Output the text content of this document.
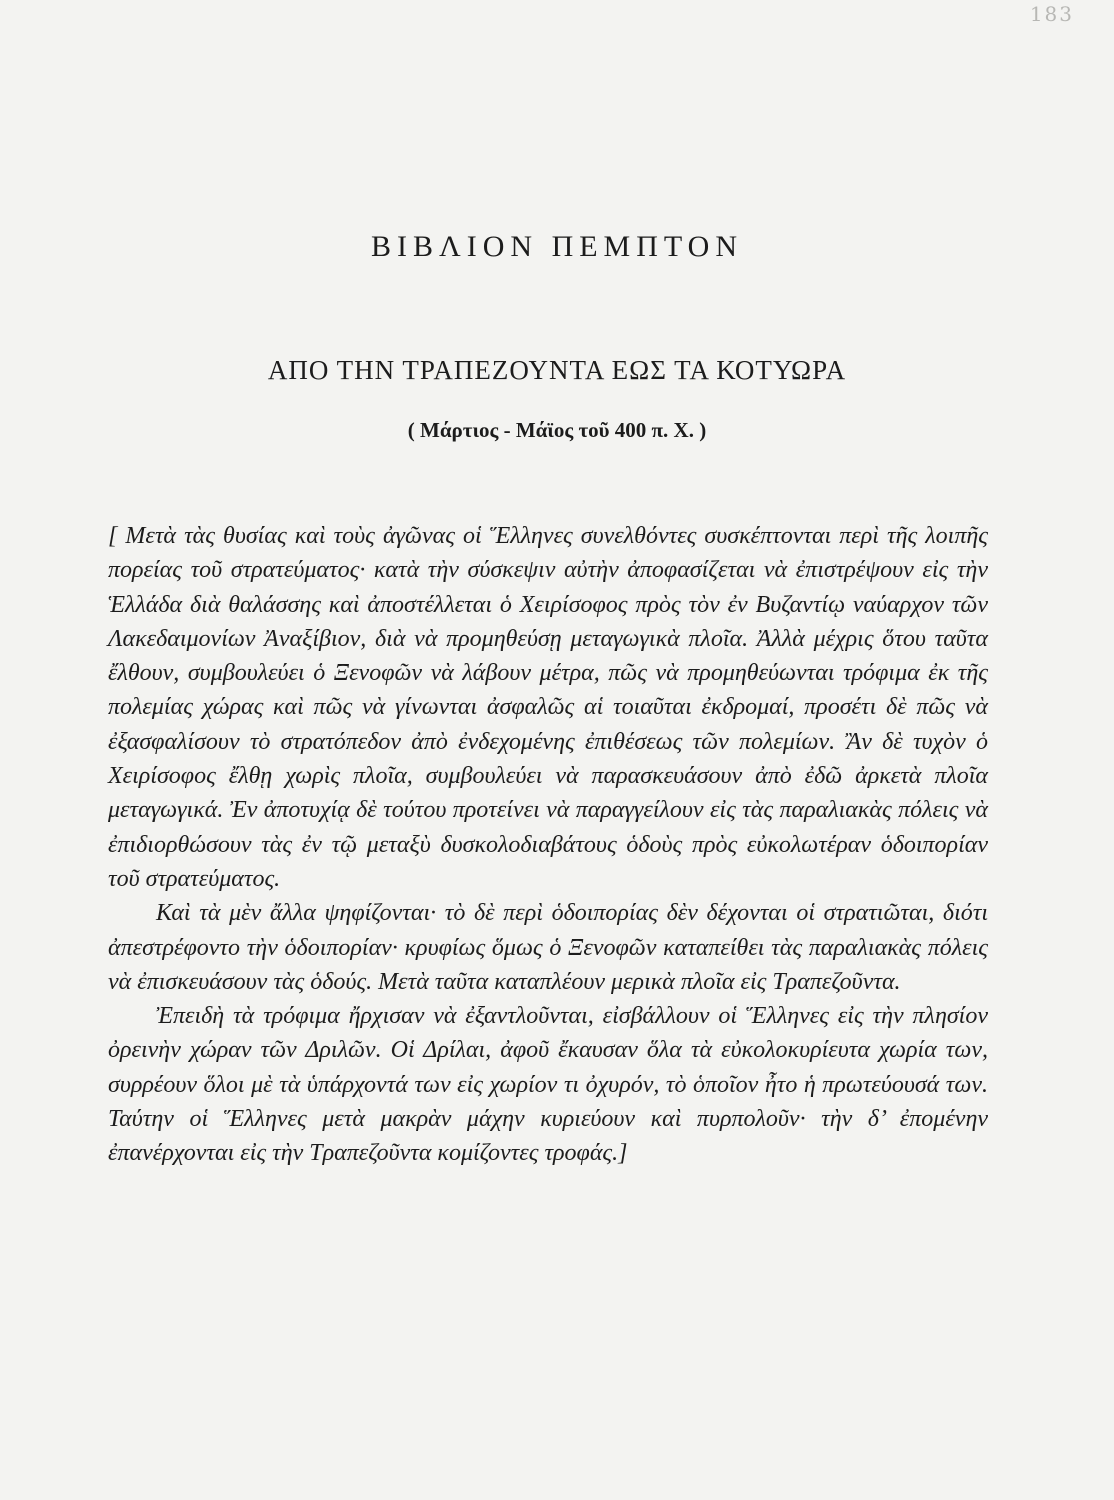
183
ΒΙΒΛΙΟΝ ΠΕΜΠΤΟΝ
ΑΠΟ ΤΗΝ ΤΡΑΠΕΖΟΥΝΤΑ ΕΩΣ ΤΑ ΚΟΤΥΩΡΑ
( Μάρτιος - Μάϊος τοῦ 400 π. Χ. )

[ Μετὰ τὰς θυσίας καὶ τοὺς ἀγῶνας οἱ Ἕλληνες συνελθόντες συσκέπτονται περὶ τῆς λοιπῆς πορείας τοῦ στρατεύματος· κατὰ τὴν σύσκεψιν αὐτὴν ἀποφασίζεται νὰ ἐπιστρέψουν εἰς τὴν Ἑλλάδα διὰ θαλάσσης καὶ ἀποστέλλεται ὁ Χειρίσοφος πρὸς τὸν ἐν Βυζαντίῳ ναύαρχον τῶν Λακεδαιμονίων Ἀναξίβιον, διὰ νὰ προμηθεύσῃ μεταγωγικὰ πλοῖα. Ἀλλὰ μέχρις ὅτου ταῦτα ἔλθουν, συμβουλεύει ὁ Ξενοφῶν νὰ λάβουν μέτρα, πῶς νὰ προμηθεύωνται τρόφιμα ἐκ τῆς πολεμίας χώρας καὶ πῶς νὰ γίνωνται ἀσφαλῶς αἱ τοιαῦται ἐκδρομαί, προσέτι δὲ πῶς νὰ ἐξασφαλίσουν τὸ στρατόπεδον ἀπὸ ἐνδεχομένης ἐπιθέσεως τῶν πολεμίων. Ἂν δὲ τυχὸν ὁ Χειρίσοφος ἔλθῃ χωρὶς πλοῖα, συμβουλεύει νὰ παρασκευάσουν ἀπὸ ἐδῶ ἀρκετὰ πλοῖα μεταγωγικά. Ἐν ἀποτυχίᾳ δὲ τούτου προτείνει νὰ παραγγείλουν εἰς τὰς παραλιακὰς πόλεις νὰ ἐπιδιορθώσουν τὰς ἐν τῷ μεταξὺ δυσκολοδιαβάτους ὁδοὺς πρὸς εὐκολωτέραν ὁδοιπορίαν τοῦ στρατεύματος.

Καὶ τὰ μὲν ἄλλα ψηφίζονται· τὸ δὲ περὶ ὁδοιπορίας δὲν δέχονται οἱ στρατιῶται, διότι ἀπεστρέφοντο τὴν ὁδοιπορίαν· κρυφίως ὅμως ὁ Ξενοφῶν καταπείθει τὰς παραλιακὰς πόλεις νὰ ἐπισκευάσουν τὰς ὁδούς. Μετὰ ταῦτα καταπλέουν μερικὰ πλοῖα εἰς Τραπεζοῦντα.

Ἐπειδὴ τὰ τρόφιμα ἤρχισαν νὰ ἐξαντλοῦνται, εἰσβάλλουν οἱ Ἕλληνες εἰς τὴν πλησίον ὀρεινὴν χώραν τῶν Δριλῶν. Οἱ Δρίλαι, ἀφοῦ ἔκαυσαν ὅλα τὰ εὐκολοκυρίευτα χωρία των, συρρέουν ὅλοι μὲ τὰ ὑπάρχοντά των εἰς χωρίον τι ὀχυρόν, τὸ ὁποῖον ἦτο ἡ πρωτεύουσά των. Ταύτην οἱ Ἕλληνες μετὰ μακρὰν μάχην κυριεύουν καὶ πυρπολοῦν· τὴν δ’ ἐπομένην ἐπανέρχονται εἰς τὴν Τραπεζοῦντα κομίζοντες τροφάς.]
